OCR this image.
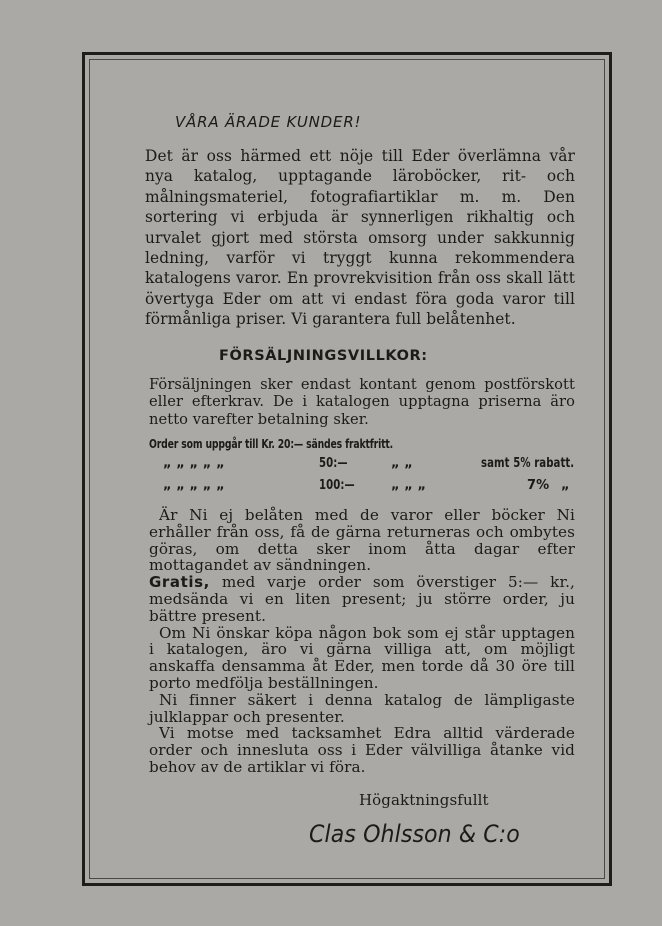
VÅRA ÄRADE KUNDER!

Det är oss härmed ett nöje till Eder överlämna vår nya katalog, upptagande läroböcker, rit- och målningsmateriel, fotografiartiklar m. m. Den sortering vi erbjuda är synnerligen rikhaltig och urvalet gjort med största omsorg under sakkunnig ledning, varför vi tryggt kunna rekommendera katalogens varor. En provrekvisition från oss skall lätt övertyga Eder om att vi endast föra goda varor till förmånliga priser. Vi garantera full belåtenhet.

FÖRSÄLJNINGSVILLKOR:

Försäljningen sker endast kontant genom postförskott eller efterkrav. De i katalogen upptagna priserna äro netto varefter betalning sker.

Order som uppgår till Kr. 20:— sändes fraktfritt.
„ „ „ „ „	50:—	„ „	samt 5% rabatt.
„ „ „ „ „	100:—	„ „ „	7% „

Är Ni ej belåten med de varor eller böcker Ni erhåller från oss, få de gärna returneras och ombytes göras, om detta sker inom åtta dagar efter mottagandet av sändningen.

Gratis, med varje order som överstiger 5:— kr., medsända vi en liten present; ju större order, ju bättre present.

Om Ni önskar köpa någon bok som ej står upptagen i katalogen, äro vi gärna villiga att, om möjligt anskaffa densamma åt Eder, men torde då 30 öre till porto medfölja beställningen.

Ni finner säkert i denna katalog de lämpligaste julklappar och presenter.

Vi motse med tacksamhet Edra alltid värderade order och innesluta oss i Eder välvilliga åtanke vid behov av de artiklar vi föra.

Högaktningsfullt
Clas Ohlsson & C:o
